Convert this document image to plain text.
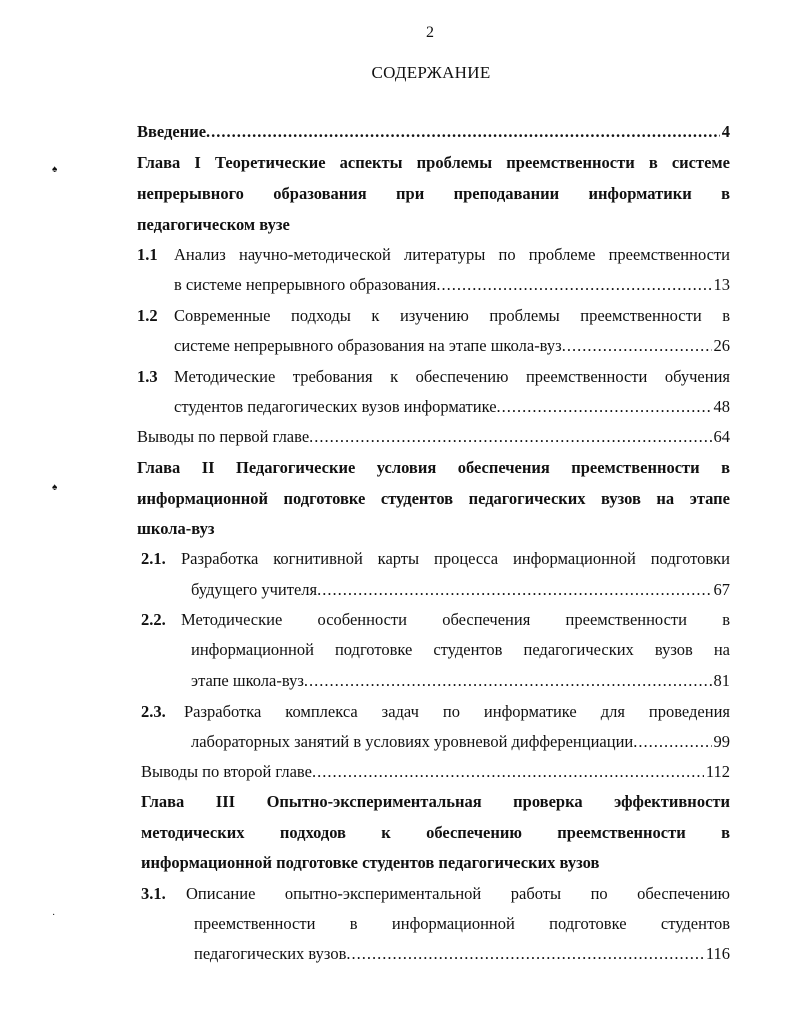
2
СОДЕРЖАНИЕ
Введение .....	4
♠	Глава I Теоретические аспекты проблемы преемственности в системе
непрерывного образования при преподавании информатики в
педагогическом вузе
1.1 Анализ научно-методической литературы по проблеме преемственности
в системе непрерывного образования .....	13
1.2 Современные подходы к изучению проблемы преемственности в
системе непрерывного образования на этапе школа-вуз .....	26
1.3 Методические требования к обеспечению преемственности обучения
студентов педагогических вузов информатике .....	48
Выводы по первой главе .....	64
♠
Глава II Педагогические условия обеспечения преемственности в
информационной подготовке студентов педагогических вузов на этапе
школа-вуз
2.1. Разработка когнитивной карты процесса информационной подготовки
будущего учителя .....	67
2.2. Методические особенности обеспечения преемственности в
информационной подготовке студентов педагогических вузов на
этапе школа-вуз .....	81
2.3. Разработка комплекса задач по информатике для проведения
лабораторных занятий в условиях уровневой дифференциации .....	99
Выводы по второй главе .....	112
Глава III Опытно-экспериментальная проверка эффективности
методических подходов к обеспечению преемственности в
информационной подготовке студентов педагогических вузов
·
3.1. Описание опытно-экспериментальной работы по обеспечению
преемственности в информационной подготовке студентов
педагогических вузов .....	116
